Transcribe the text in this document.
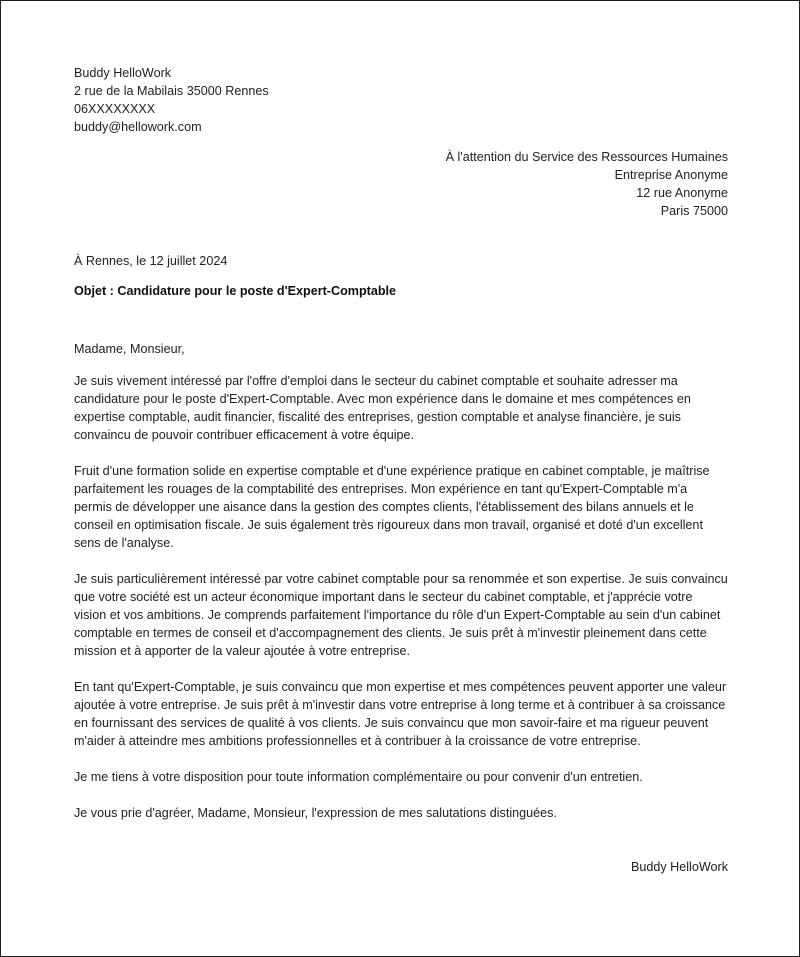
Buddy HelloWork
2 rue de la Mabilais 35000 Rennes
06XXXXXXXX
buddy@hellowork.com
À l'attention du Service des Ressources Humaines
Entreprise Anonyme
12 rue Anonyme
Paris 75000
À Rennes, le 12 juillet 2024
Objet : Candidature pour le poste d'Expert-Comptable
Madame, Monsieur,
Je suis vivement intéressé par l'offre d'emploi dans le secteur du cabinet comptable et souhaite adresser ma candidature pour le poste d'Expert-Comptable. Avec mon expérience dans le domaine et mes compétences en expertise comptable, audit financier, fiscalité des entreprises, gestion comptable et analyse financière, je suis convaincu de pouvoir contribuer efficacement à votre équipe.
Fruit d'une formation solide en expertise comptable et d'une expérience pratique en cabinet comptable, je maîtrise parfaitement les rouages de la comptabilité des entreprises. Mon expérience en tant qu'Expert-Comptable m'a permis de développer une aisance dans la gestion des comptes clients, l'établissement des bilans annuels et le conseil en optimisation fiscale. Je suis également très rigoureux dans mon travail, organisé et doté d'un excellent sens de l'analyse.
Je suis particulièrement intéressé par votre cabinet comptable pour sa renommée et son expertise. Je suis convaincu que votre société est un acteur économique important dans le secteur du cabinet comptable, et j'apprécie votre vision et vos ambitions. Je comprends parfaitement l'importance du rôle d'un Expert-Comptable au sein d'un cabinet comptable en termes de conseil et d'accompagnement des clients. Je suis prêt à m'investir pleinement dans cette mission et à apporter de la valeur ajoutée à votre entreprise.
En tant qu'Expert-Comptable, je suis convaincu que mon expertise et mes compétences peuvent apporter une valeur ajoutée à votre entreprise. Je suis prêt à m'investir dans votre entreprise à long terme et à contribuer à sa croissance en fournissant des services de qualité à vos clients. Je suis convaincu que mon savoir-faire et ma rigueur peuvent m'aider à atteindre mes ambitions professionnelles et à contribuer à la croissance de votre entreprise.
Je me tiens à votre disposition pour toute information complémentaire ou pour convenir d'un entretien.
Je vous prie d'agréer, Madame, Monsieur, l'expression de mes salutations distinguées.
Buddy HelloWork
